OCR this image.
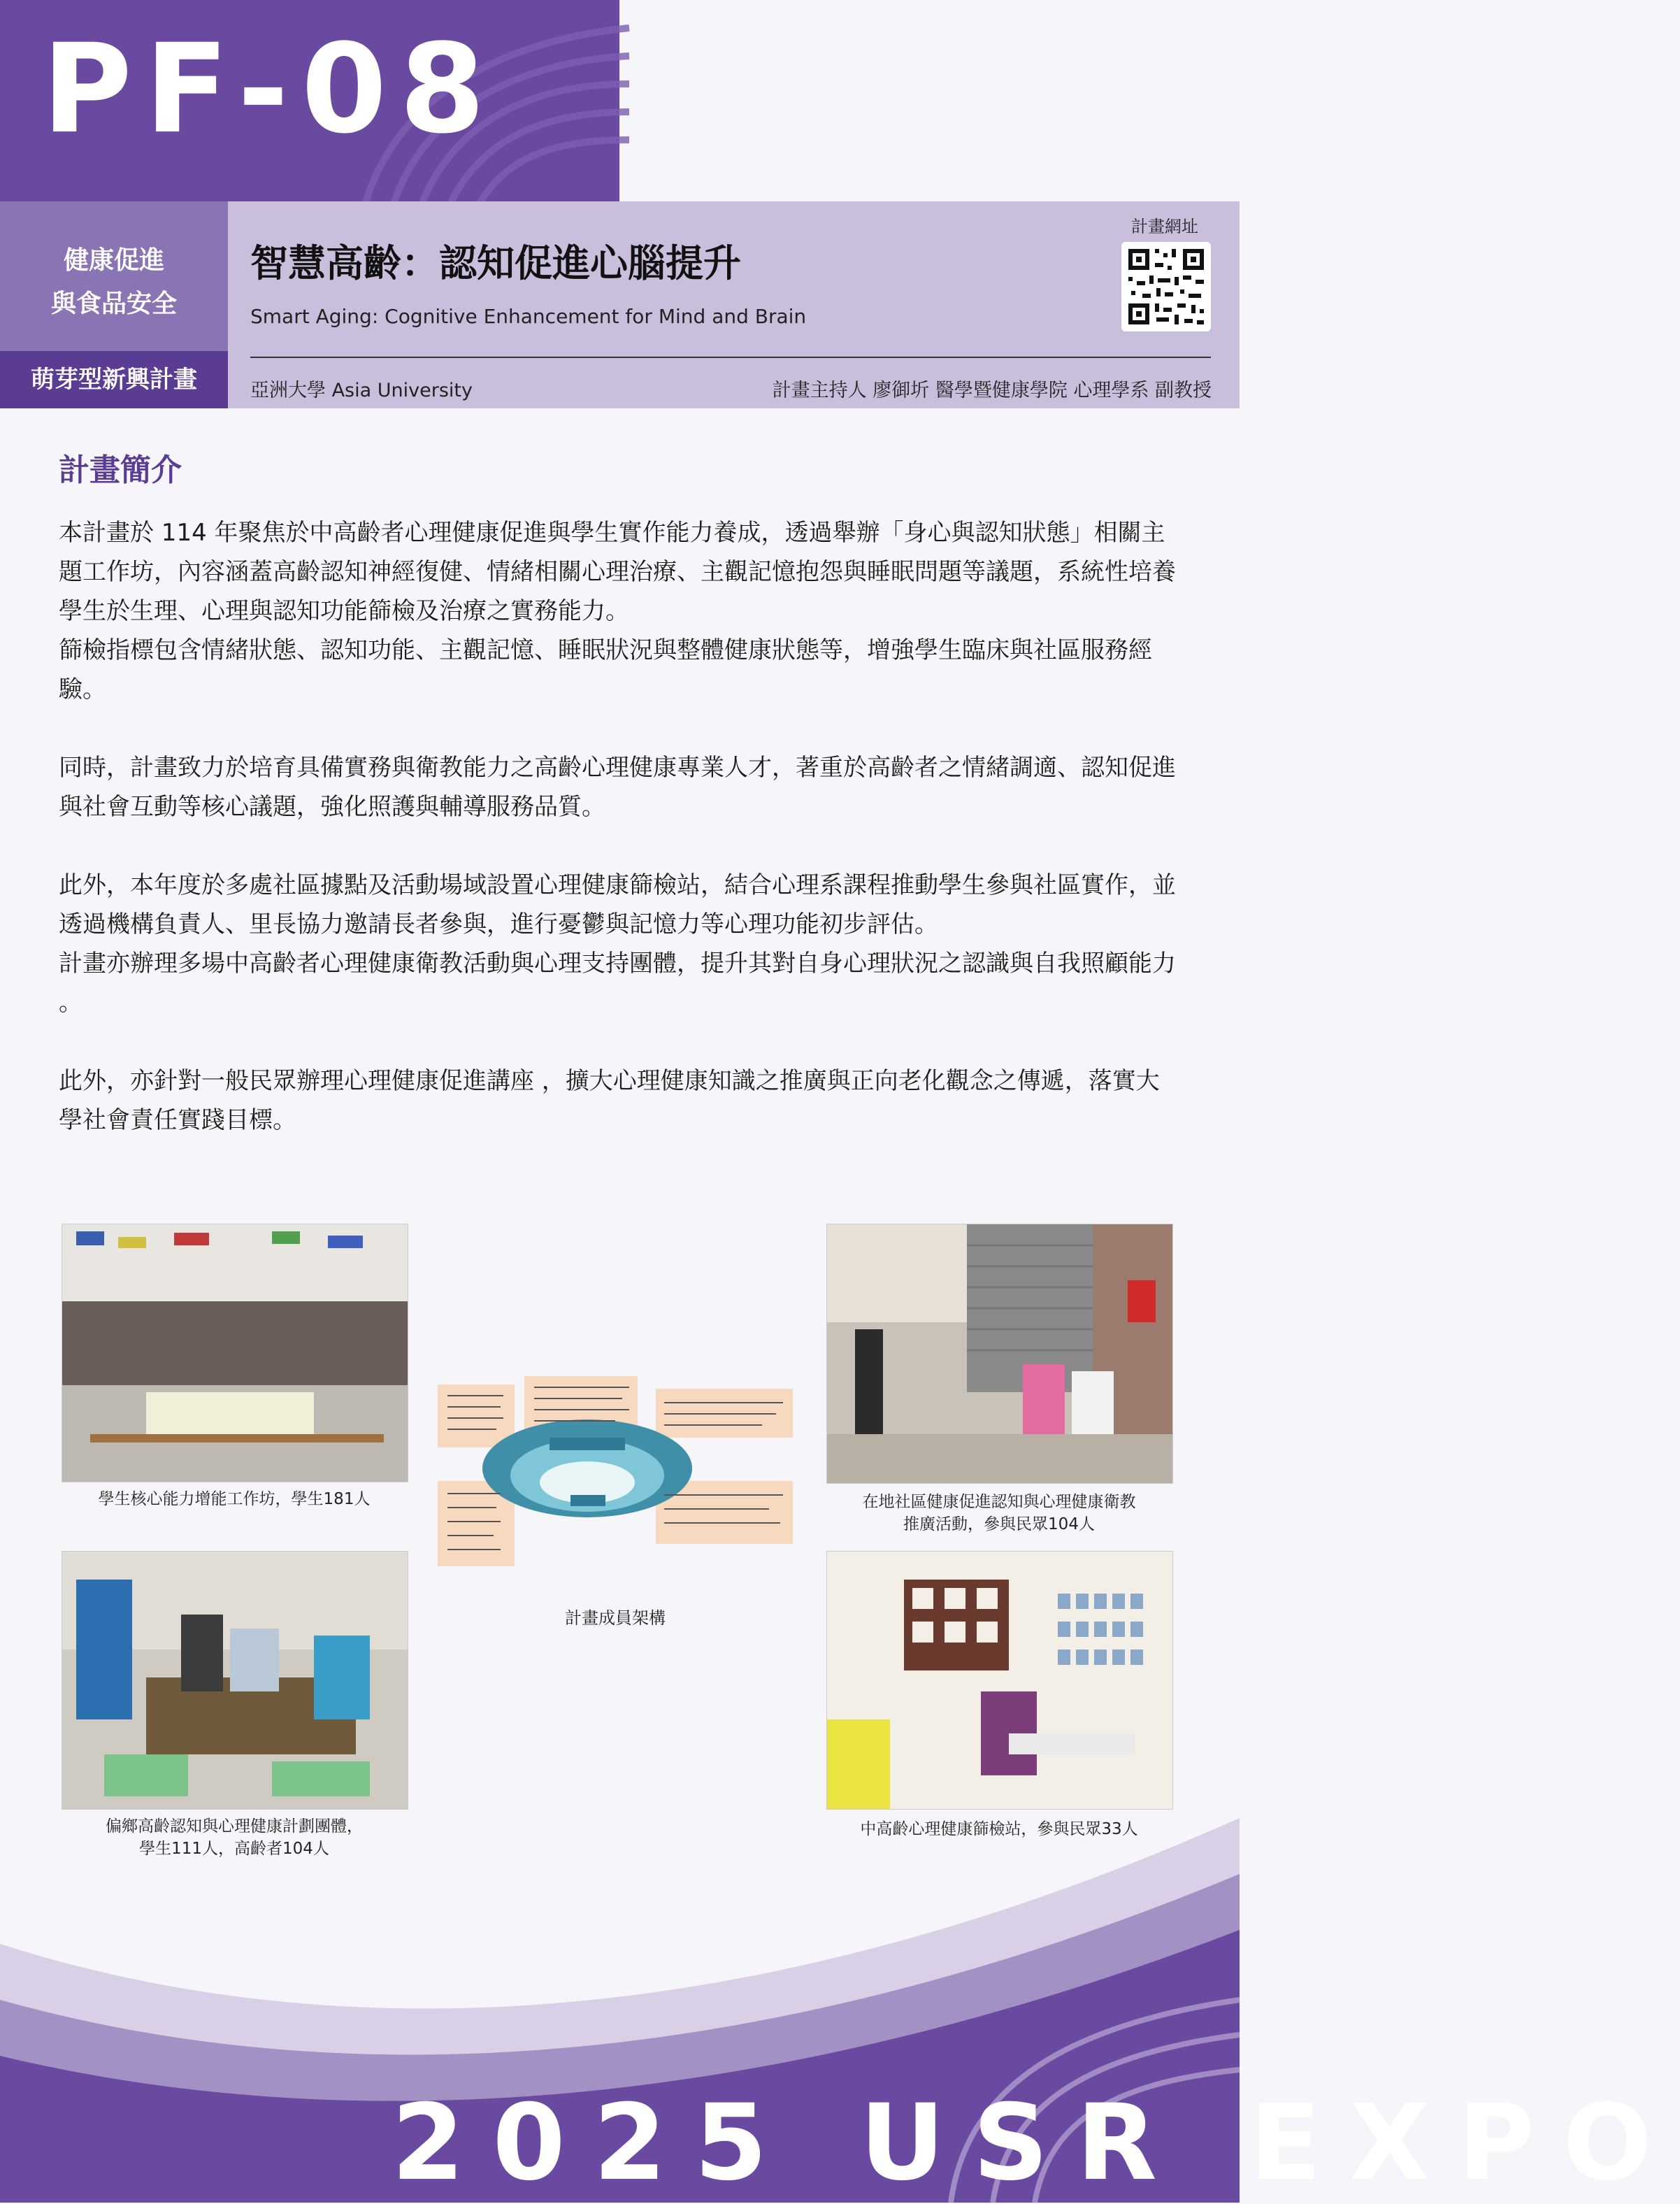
PF-08
健康促進
與食品安全
萌芽型新興計畫
智慧高齡：認知促進心腦提升
Smart Aging: Cognitive Enhancement for Mind and Brain
亞洲大學 Asia University	計畫主持人 廖御圻 醫學暨健康學院 心理學系 副教授
計畫網址
計畫簡介

本計畫於 114 年聚焦於中高齡者心理健康促進與學生實作能力養成，透過舉辦「身心與認知狀態」相關主題工作坊，內容涵蓋高齡認知神經復健、情緒相關心理治療、主觀記憶抱怨與睡眠問題等議題，系統性培養學生於生理、心理與認知功能篩檢及治療之實務能力。

篩檢指標包含情緒狀態、認知功能、主觀記憶、睡眠狀況與整體健康狀態等，增強學生臨床與社區服務經驗。

同時，計畫致力於培育具備實務與衛教能力之高齡心理健康專業人才，著重於高齡者之情緒調適、認知促進與社會互動等核心議題，強化照護與輔導服務品質。

此外，本年度於多處社區據點及活動場域設置心理健康篩檢站，結合心理系課程推動學生參與社區實作，並透過機構負責人、里長協力邀請長者參與，進行憂鬱與記憶力等心理功能初步評估。

計畫亦辦理多場中高齡者心理健康衛教活動與心理支持團體，提升其對自身心理狀況之認識與自我照顧能力 。

此外，亦針對一般民眾辦理心理健康促進講座 ，擴大心理健康知識之推廣與正向老化觀念之傳遞，落實大學社會責任實踐目標。

學生核心能力增能工作坊，學生181人
偏鄉高齡認知與心理健康計劃團體，
學生111人，高齡者104人
計畫成員架構
在地社區健康促進認知與心理健康衛教
推廣活動，參與民眾104人
中高齡心理健康篩檢站，參與民眾33人
2025 USR EXPO
